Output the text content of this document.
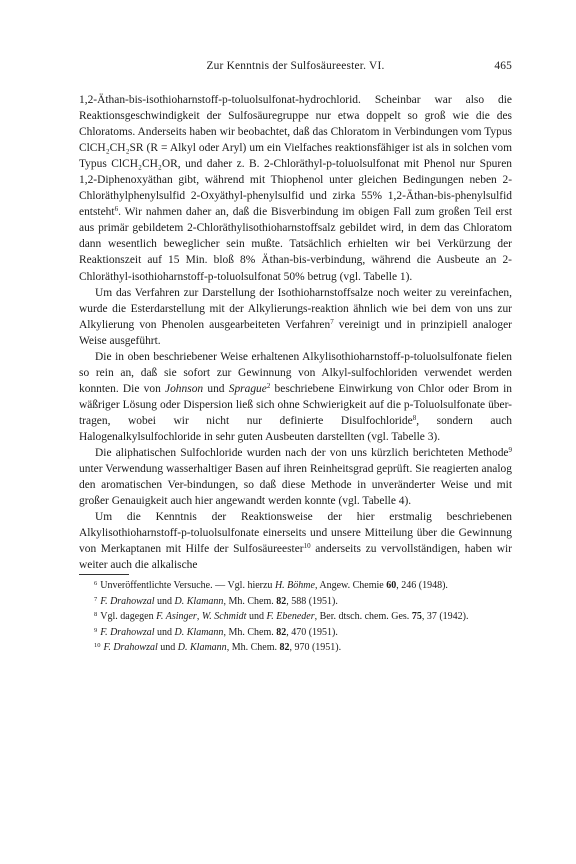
Zur Kenntnis der Sulfosäureester. VI.	465

1,2-Äthan-bis-isothioharnstoff-p-toluolsulfonat-hydrochlorid. Scheinbar war also die Reaktionsgeschwindigkeit der Sulfosäuregruppe nur etwa doppelt so groß wie die des Chloratoms. Anderseits haben wir beobachtet, daß das Chloratom in Verbindungen vom Typus ClCH₂CH₂SR (R = Alkyl oder Aryl) um ein Vielfaches reaktionsfähiger ist als in solchen vom Typus ClCH₂CH₂OR, und daher z. B. 2-Chloräthyl-p-toluolsulfonat mit Phenol nur Spuren 1,2-Diphenoxyäthan gibt, während mit Thiophenol unter gleichen Bedingungen neben 2-Chloräthylphenylsulfid 2-Oxyäthyl-phenylsulfid und zirka 55% 1,2-Äthan-bis-phenylsulfid entsteht$^6$. Wir nahmen daher an, daß die Bisverbindung im obigen Fall zum großen Teil erst aus primär gebildetem 2-Chloräthylisothioharnstoffsalz gebildet wird, in dem das Chloratom dann wesentlich beweglicher sein mußte. Tatsächlich erhielten wir bei Verkürzung der Reaktionszeit auf 15 Min. bloß 8% Äthan-bis-verbindung, während die Ausbeute an 2-Chloräthyl-isothioharnstoff-p-toluolsulfonat 50% betrug (vgl. Tabelle 1).

Um das Verfahren zur Darstellung der Isothioharnstoffsalze noch weiter zu vereinfachen, wurde die Esterdarstellung mit der Alkylierungs-reaktion ähnlich wie bei dem von uns zur Alkylierung von Phenolen ausgearbeiteten Verfahren$^7$ vereinigt und in prinzipiell analoger Weise ausgeführt.

Die in oben beschriebener Weise erhaltenen Alkylisothioharnstoff-p-toluolsulfonate fielen so rein an, daß sie sofort zur Gewinnung von Alkyl-sulfochloriden verwendet werden konnten. Die von Johnson und Sprague$^2$ beschriebene Einwirkung von Chlor oder Brom in wäßriger Lösung oder Dispersion ließ sich ohne Schwierigkeit auf die p-Toluolsulfonate über-tragen, wobei wir nicht nur definierte Disulfochloride$^8$, sondern auch Halogenalkylsulfochloride in sehr guten Ausbeuten darstellten (vgl. Tabelle 3).

Die aliphatischen Sulfochloride wurden nach der von uns kürzlich berichteten Methode$^9$ unter Verwendung wasserhaltiger Basen auf ihren Reinheitsgrad geprüft. Sie reagierten analog den aromatischen Ver-bindungen, so daß diese Methode in unveränderter Weise und mit großer Genauigkeit auch hier angewandt werden konnte (vgl. Tabelle 4).

Um die Kenntnis der Reaktionsweise der hier erstmalig beschriebenen Alkylisothioharnstoff-p-toluolsulfonate einerseits und unsere Mitteilung über die Gewinnung von Merkaptanen mit Hilfe der Sulfosäureester$^{10}$ anderseits zu vervollständigen, haben wir weiter auch die alkalische

$^6$ Unveröffentlichte Versuche. — Vgl. hierzu H. Böhme, Angew. Chemie 60, 246 (1948).

$^7$ F. Drahowzal und D. Klamann, Mh. Chem. 82, 588 (1951).

$^8$ Vgl. dagegen F. Asinger, W. Schmidt und F. Ebeneder, Ber. dtsch. chem. Ges. 75, 37 (1942).

$^9$ F. Drahowzal und D. Klamann, Mh. Chem. 82, 470 (1951).

$^{10}$ F. Drahowzal und D. Klamann, Mh. Chem. 82, 970 (1951).
